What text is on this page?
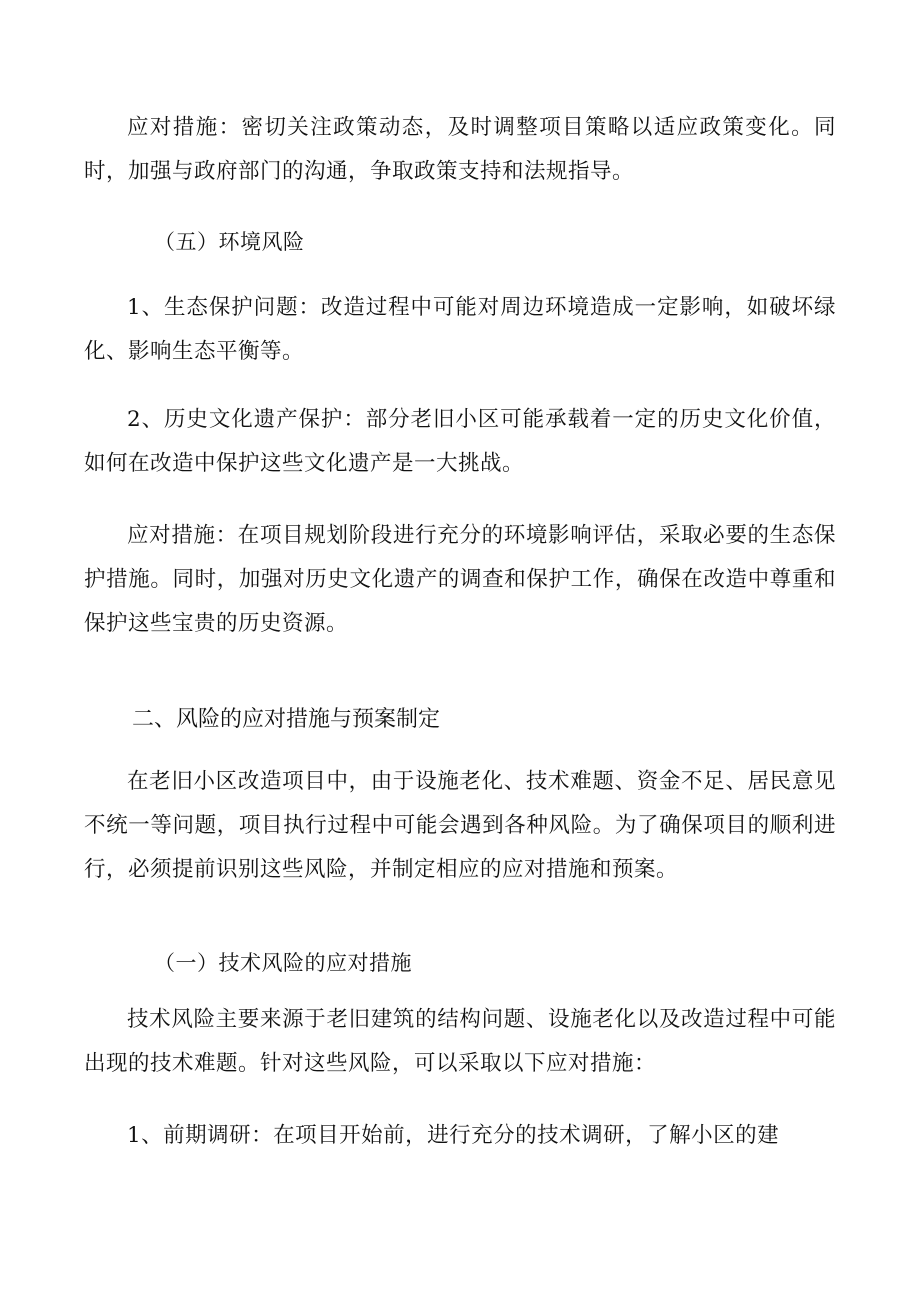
应对措施：密切关注政策动态，及时调整项目策略以适应政策变化。同时，加强与政府部门的沟通，争取政策支持和法规指导。

（五）环境风险

1、生态保护问题：改造过程中可能对周边环境造成一定影响，如破坏绿化、影响生态平衡等。

2、历史文化遗产保护：部分老旧小区可能承载着一定的历史文化价值，如何在改造中保护这些文化遗产是一大挑战。

应对措施：在项目规划阶段进行充分的环境影响评估，采取必要的生态保护措施。同时，加强对历史文化遗产的调查和保护工作，确保在改造中尊重和保护这些宝贵的历史资源。

二、风险的应对措施与预案制定

在老旧小区改造项目中，由于设施老化、技术难题、资金不足、居民意见不统一等问题，项目执行过程中可能会遇到各种风险。为了确保项目的顺利进行，必须提前识别这些风险，并制定相应的应对措施和预案。

（一）技术风险的应对措施

技术风险主要来源于老旧建筑的结构问题、设施老化以及改造过程中可能出现的技术难题。针对这些风险，可以采取以下应对措施：

1、前期调研：在项目开始前，进行充分的技术调研，了解小区的建
